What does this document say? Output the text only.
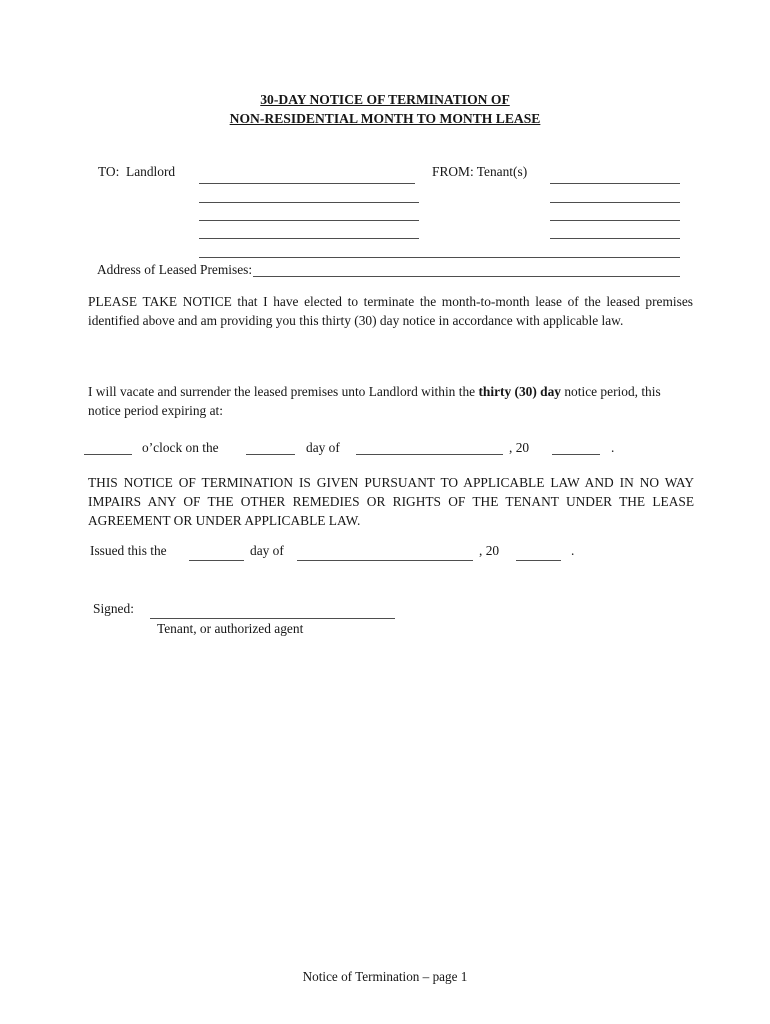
30-DAY NOTICE OF TERMINATION OF
NON-RESIDENTIAL MONTH TO MONTH LEASE
TO:  Landlord	FROM: Tenant(s)
Address of Leased Premises:
PLEASE TAKE NOTICE that I have elected to terminate the month-to-month lease of the leased premises identified above and am providing you this thirty (30) day notice in accordance with applicable law.
I will vacate and surrender the leased premises unto Landlord within the thirty (30) day notice period, this notice period expiring at:
o’clock on the	day of	, 20	.
THIS NOTICE OF TERMINATION IS GIVEN PURSUANT TO APPLICABLE LAW AND IN NO WAY IMPAIRS ANY OF THE OTHER REMEDIES OR RIGHTS OF THE TENANT UNDER THE LEASE AGREEMENT OR UNDER APPLICABLE LAW.
Issued this the	day of	, 20	.
Signed:
Tenant, or authorized agent
Notice of Termination – page 1
